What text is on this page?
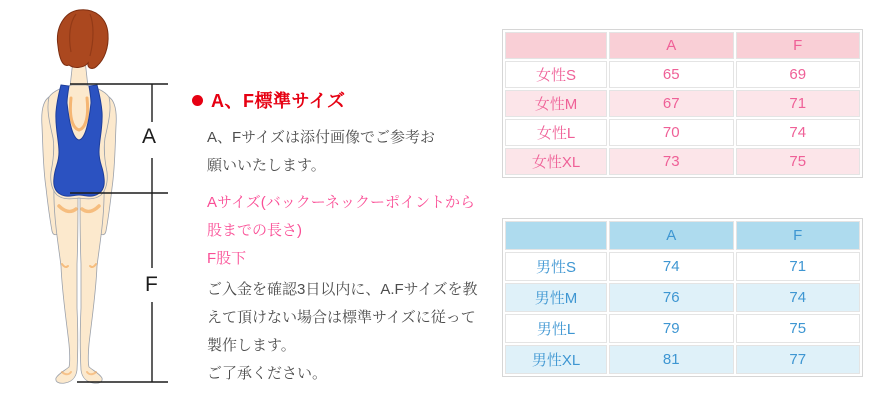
A
F
A、F標準サイズ
A、Fサイズは添付画像でご参考お
願いいたします。
Aサイズ(バックーネックーポイントから
股までの長さ)
F股下
ご入金を確認3日以内に、A.Fサイズを教
えて頂けない場合は標準サイズに従って
製作します。
ご了承ください。
	A	F
女性S	65	69
女性M	67	71
女性L	70	74
女性XL	73	75
	A	F
男性S	74	71
男性M	76	74
男性L	79	75
男性XL	81	77
